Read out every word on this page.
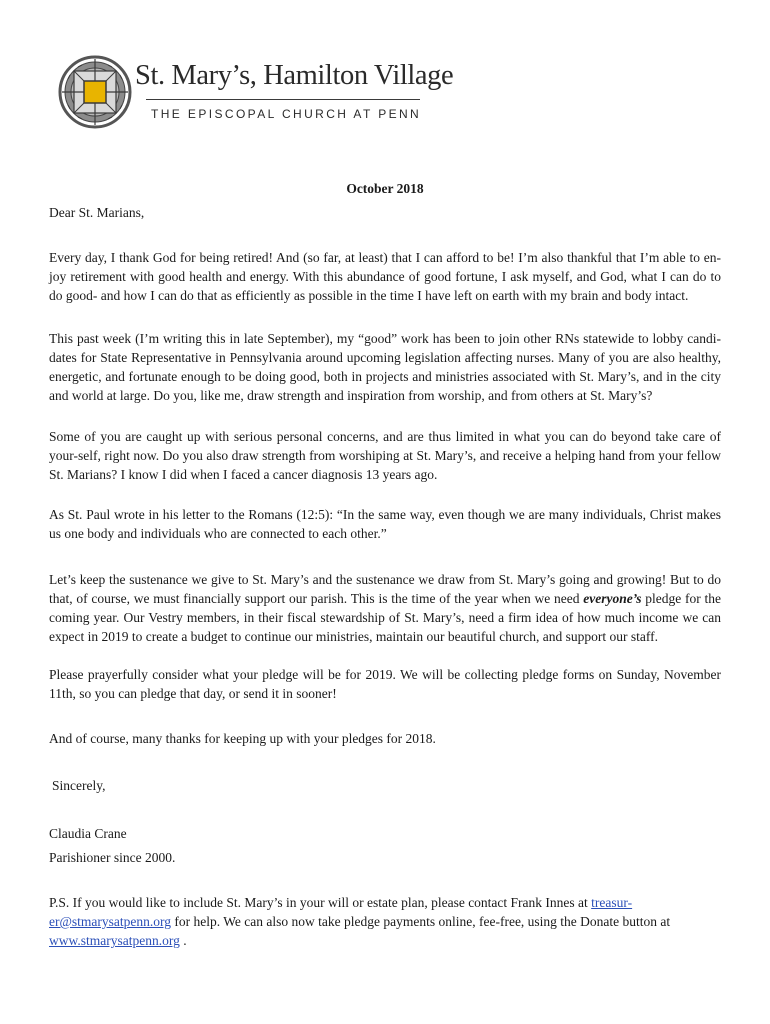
St. Mary’s, Hamilton Village
THE EPISCOPAL CHURCH AT PENN
October 2018

Dear St. Marians,

Every day, I thank God for being retired! And (so far, at least) that I can afford to be! I’m also thankful that I’m able to en-joy retirement with good health and energy. With this abundance of good fortune, I ask myself, and God, what I can do to do good- and how I can do that as efficiently as possible in the time I have left on earth with my brain and body intact.

This past week (I’m writing this in late September), my “good” work has been to join other RNs statewide to lobby candi-dates for State Representative in Pennsylvania around upcoming legislation affecting nurses. Many of you are also healthy, energetic, and fortunate enough to be doing good, both in projects and ministries associated with St. Mary’s, and in the city and world at large. Do you, like me, draw strength and inspiration from worship, and from others at St. Mary’s?

Some of you are caught up with serious personal concerns, and are thus limited in what you can do beyond take care of your-self, right now. Do you also draw strength from worshiping at St. Mary’s, and receive a helping hand from your fellow St. Marians? I know I did when I faced a cancer diagnosis 13 years ago.

As St. Paul wrote in his letter to the Romans (12:5): “In the same way, even though we are many individuals, Christ makes us one body and individuals who are connected to each other.”

Let’s keep the sustenance we give to St. Mary’s and the sustenance we draw from St. Mary’s going and growing! But to do that, of course, we must financially support our parish. This is the time of the year when we need everyone’s pledge for the coming year. Our Vestry members, in their fiscal stewardship of St. Mary’s, need a firm idea of how much income we can expect in 2019 to create a budget to continue our ministries, maintain our beautiful church, and support our staff.

Please prayerfully consider what your pledge will be for 2019. We will be collecting pledge forms on Sunday, November 11th, so you can pledge that day, or send it in sooner!

And of course, many thanks for keeping up with your pledges for 2018.

Sincerely,

Claudia Crane

Parishioner since 2000.

P.S. If you would like to include St. Mary’s in your will or estate plan, please contact Frank Innes at treasur-er@stmarysatpenn.org for help. We can also now take pledge payments online, fee-free, using the Donate button at www.stmarysatpenn.org .
